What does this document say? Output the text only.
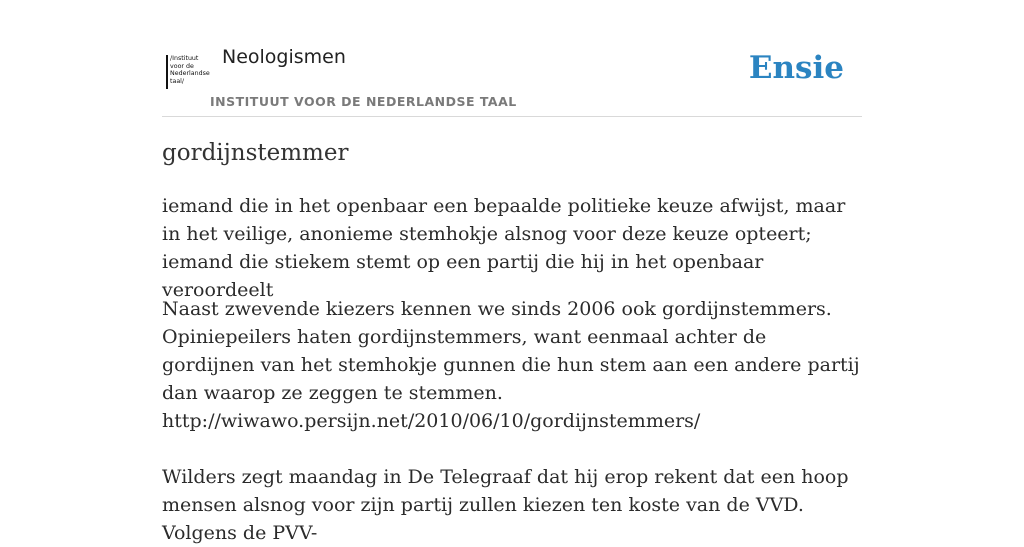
/Instituut
voor de
Nederlandse
taal/
Neologismen
INSTITUUT VOOR DE NEDERLANDSE TAAL
Ensie
gordijnstemmer

iemand die in het openbaar een bepaalde politieke keuze afwijst, maar in het veilige, anonieme stemhokje alsnog voor deze keuze opteert; iemand die stiekem stemt op een partij die hij in het openbaar veroordeelt

Naast zwevende kiezers kennen we sinds 2006 ook gordijnstemmers. Opiniepeilers haten gordijnstemmers, want eenmaal achter de gordijnen van het stemhokje gunnen die hun stem aan een andere partij dan waarop ze zeggen te stemmen.
http://wiwawo.persijn.net/2010/06/10/gordijnstemmers/
Wilders zegt maandag in De Telegraaf dat hij erop rekent dat een hoop mensen alsnog voor zijn partij zullen kiezen ten koste van de VVD. Volgens de PVV-
